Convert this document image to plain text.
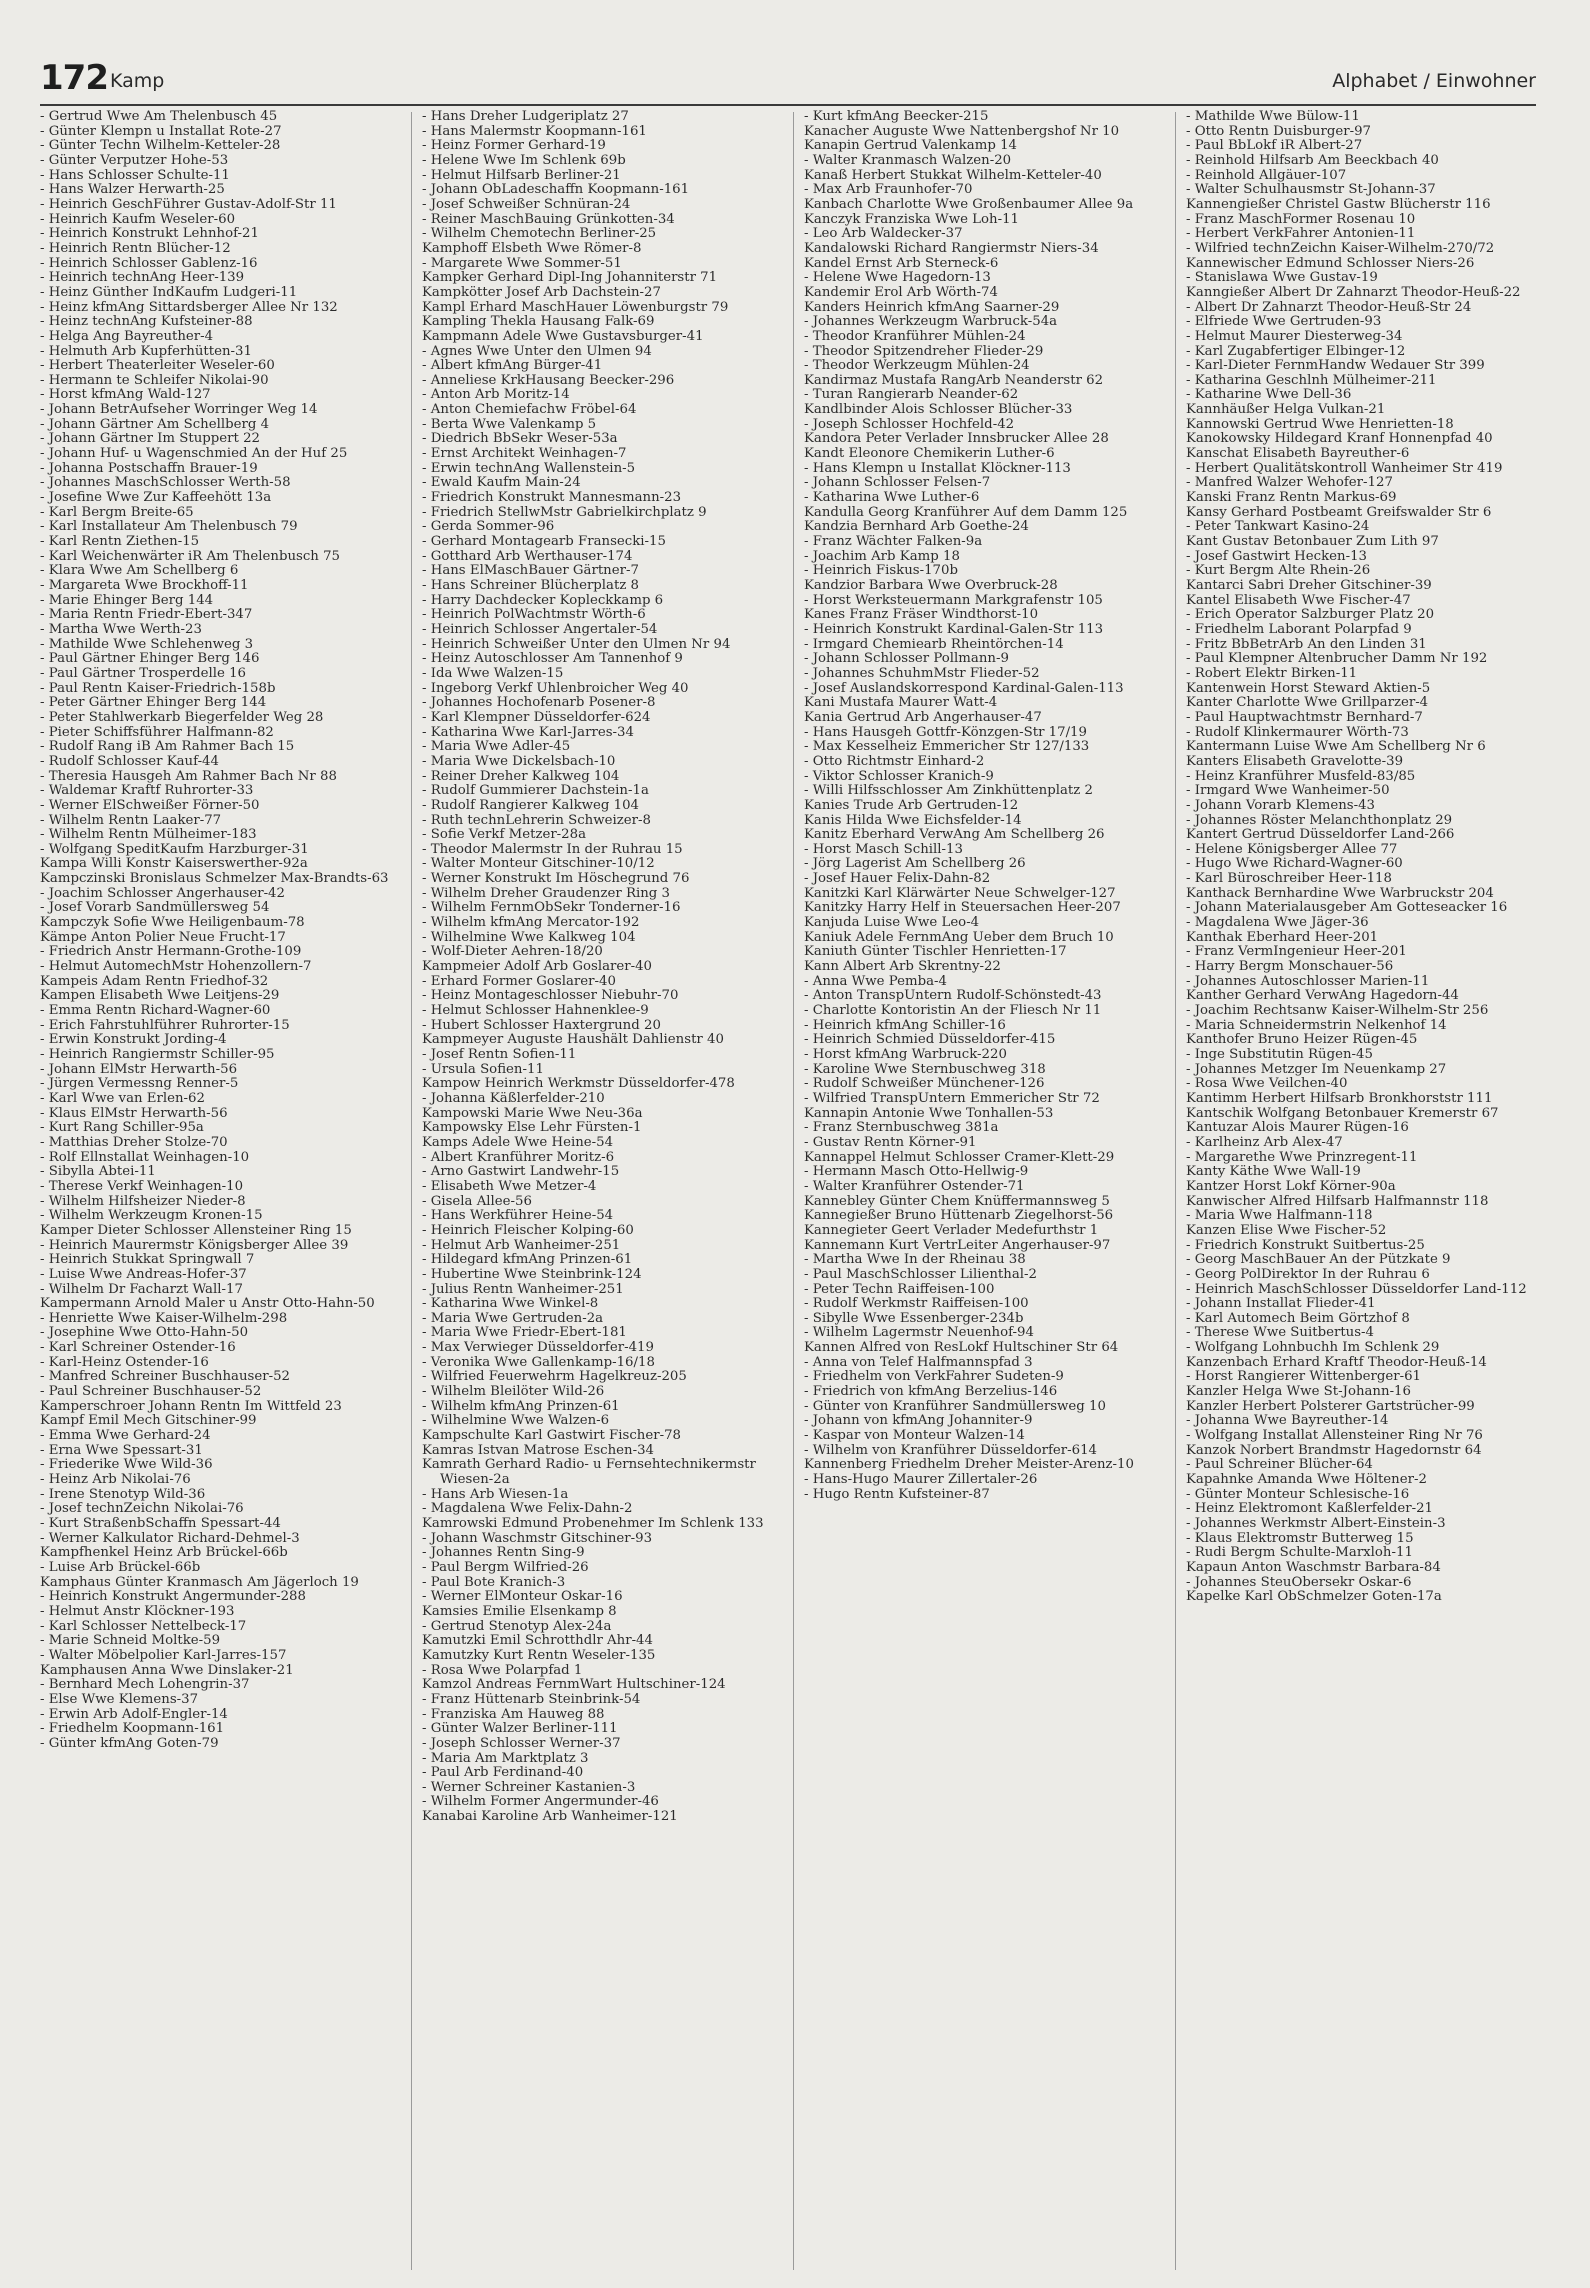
172 Kamp	Alphabet / Einwohner

- Gertrud Wwe Am Thelenbusch 45

- Günter Klempn u Installat Rote-27

- Günter Techn Wilhelm-Ketteler-28

- Günter Verputzer Hohe-53

- Hans Schlosser Schulte-11

- Hans Walzer Herwarth-25

- Heinrich GeschFührer Gustav-Adolf-Str 11

- Heinrich Kaufm Weseler-60

- Heinrich Konstrukt Lehnhof-21

- Heinrich Rentn Blücher-12

- Heinrich Schlosser Gablenz-16

- Heinrich technAng Heer-139

- Heinz Günther IndKaufm Ludgeri-11

- Heinz kfmAng Sittardsberger Allee Nr 132

- Heinz technAng Kufsteiner-88

- Helga Ang Bayreuther-4

- Helmuth Arb Kupferhütten-31

- Herbert Theaterleiter Weseler-60

- Hermann te Schleifer Nikolai-90

- Horst kfmAng Wald-127

- Johann BetrAufseher Worringer Weg 14

- Johann Gärtner Am Schellberg 4

- Johann Gärtner Im Stuppert 22

- Johann Huf- u Wagenschmied An der Huf 25

- Johanna Postschaffn Brauer-19

- Johannes MaschSchlosser Werth-58

- Josefine Wwe Zur Kaffeehött 13a

- Karl Bergm Breite-65

- Karl Installateur Am Thelenbusch 79

- Karl Rentn Ziethen-15

- Karl Weichenwärter iR Am Thelenbusch 75

- Klara Wwe Am Schellberg 6

- Margareta Wwe Brockhoff-11

- Marie Ehinger Berg 144

- Maria Rentn Friedr-Ebert-347

- Martha Wwe Werth-23

- Mathilde Wwe Schlehenweg 3

- Paul Gärtner Ehinger Berg 146

- Paul Gärtner Trosperdelle 16

- Paul Rentn Kaiser-Friedrich-158b

- Peter Gärtner Ehinger Berg 144

- Peter Stahlwerkarb Biegerfelder Weg 28

- Pieter Schiffsführer Halfmann-82

- Rudolf Rang iB Am Rahmer Bach 15

- Rudolf Schlosser Kauf-44

- Theresia Hausgeh Am Rahmer Bach Nr 88

- Waldemar Kraftf Ruhrorter-33

- Werner ElSchweißer Förner-50

- Wilhelm Rentn Laaker-77

- Wilhelm Rentn Mülheimer-183

- Wolfgang SpeditKaufm Harzburger-31

Kampa Willi Konstr Kaiserswerther-92a

Kampczinski Bronislaus Schmelzer Max-Brandts-63

- Joachim Schlosser Angerhauser-42

- Josef Vorarb Sandmüllersweg 54

Kampczyk Sofie Wwe Heiligenbaum-78

Kämpe Anton Polier Neue Frucht-17

- Friedrich Anstr Hermann-Grothe-109

- Helmut AutomechMstr Hohenzollern-7

Kampeis Adam Rentn Friedhof-32

Kampen Elisabeth Wwe Leitjens-29

- Emma Rentn Richard-Wagner-60

- Erich Fahrstuhlführer Ruhrorter-15

- Erwin Konstrukt Jording-4

- Heinrich Rangiermstr Schiller-95

- Johann ElMstr Herwarth-56

- Jürgen Vermessng Renner-5

- Karl Wwe van Erlen-62

- Klaus ElMstr Herwarth-56

- Kurt Rang Schiller-95a

- Matthias Dreher Stolze-70

- Rolf Ellnstallat Weinhagen-10

- Sibylla Abtei-11

- Therese Verkf Weinhagen-10

- Wilhelm Hilfsheizer Nieder-8

- Wilhelm Werkzeugm Kronen-15

Kamper Dieter Schlosser Allensteiner Ring 15

- Heinrich Maurermstr Königsberger Allee 39

- Heinrich Stukkat Springwall 7

- Luise Wwe Andreas-Hofer-37

- Wilhelm Dr Facharzt Wall-17

Kampermann Arnold Maler u Anstr Otto-Hahn-50

- Henriette Wwe Kaiser-Wilhelm-298

- Josephine Wwe Otto-Hahn-50

- Karl Schreiner Ostender-16

- Karl-Heinz Ostender-16

- Manfred Schreiner Buschhauser-52

- Paul Schreiner Buschhauser-52

Kamperschroer Johann Rentn Im Wittfeld 23

Kampf Emil Mech Gitschiner-99

- Emma Wwe Gerhard-24

- Erna Wwe Spessart-31

- Friederike Wwe Wild-36

- Heinz Arb Nikolai-76

- Irene Stenotyp Wild-36

- Josef technZeichn Nikolai-76

- Kurt StraßenbSchaffn Spessart-44

- Werner Kalkulator Richard-Dehmel-3

Kampfhenkel Heinz Arb Brückel-66b

- Luise Arb Brückel-66b

Kamphaus Günter Kranmasch Am Jägerloch 19

- Heinrich Konstrukt Angermunder-288

- Helmut Anstr Klöckner-193

- Karl Schlosser Nettelbeck-17

- Marie Schneid Moltke-59

- Walter Möbelpolier Karl-Jarres-157

Kamphausen Anna Wwe Dinslaker-21

- Bernhard Mech Lohengrin-37

- Else Wwe Klemens-37

- Erwin Arb Adolf-Engler-14

- Friedhelm Koopmann-161

- Günter kfmAng Goten-79

- Hans Dreher Ludgeriplatz 27

- Hans Malermstr Koopmann-161

- Heinz Former Gerhard-19

- Helene Wwe Im Schlenk 69b

- Helmut Hilfsarb Berliner-21

- Johann ObLadeschaffn Koopmann-161

- Josef Schweißer Schnüran-24

- Reiner MaschBauing Grünkotten-34

- Wilhelm Chemotechn Berliner-25

Kamphoff Elsbeth Wwe Römer-8

- Margarete Wwe Sommer-51

Kampker Gerhard Dipl-Ing Johanniterstr 71

Kampkötter Josef Arb Dachstein-27

Kampl Erhard MaschHauer Löwenburgstr 79

Kampling Thekla Hausang Falk-69

Kampmann Adele Wwe Gustavsburger-41

- Agnes Wwe Unter den Ulmen 94

- Albert kfmAng Bürger-41

- Anneliese KrkHausang Beecker-296

- Anton Arb Moritz-14

- Anton Chemiefachw Fröbel-64

- Berta Wwe Valenkamp 5

- Diedrich BbSekr Weser-53a

- Ernst Architekt Weinhagen-7

- Erwin technAng Wallenstein-5

- Ewald Kaufm Main-24

- Friedrich Konstrukt Mannesmann-23

- Friedrich StellwMstr Gabrielkirchplatz 9

- Gerda Sommer-96

- Gerhard Montagearb Fransecki-15

- Gotthard Arb Werthauser-174

- Hans ElMaschBauer Gärtner-7

- Hans Schreiner Blücherplatz 8

- Harry Dachdecker Kopleckkamp 6

- Heinrich PolWachtmstr Wörth-6

- Heinrich Schlosser Angertaler-54

- Heinrich Schweißer Unter den Ulmen Nr 94

- Heinz Autoschlosser Am Tannenhof 9

- Ida Wwe Walzen-15

- Ingeborg Verkf Uhlenbroicher Weg 40

- Johannes Hochofenarb Posener-8

- Karl Klempner Düsseldorfer-624

- Katharina Wwe Karl-Jarres-34

- Maria Wwe Adler-45

- Maria Wwe Dickelsbach-10

- Reiner Dreher Kalkweg 104

- Rudolf Gummierer Dachstein-1a

- Rudolf Rangierer Kalkweg 104

- Ruth technLehrerin Schweizer-8

- Sofie Verkf Metzer-28a

- Theodor Malermstr In der Ruhrau 15

- Walter Monteur Gitschiner-10/12

- Werner Konstrukt Im Höschegrund 76

- Wilhelm Dreher Graudenzer Ring 3

- Wilhelm FernmObSekr Tonderner-16

- Wilhelm kfmAng Mercator-192

- Wilhelmine Wwe Kalkweg 104

- Wolf-Dieter Aehren-18/20

Kampmeier Adolf Arb Goslarer-40

- Erhard Former Goslarer-40

- Heinz Montageschlosser Niebuhr-70

- Helmut Schlosser Hahnenklee-9

- Hubert Schlosser Haxtergrund 20

Kampmeyer Auguste Haushält Dahlienstr 40

- Josef Rentn Sofien-11

- Ursula Sofien-11

Kampow Heinrich Werkmstr Düsseldorfer-478

- Johanna Käßlerfelder-210

Kampowski Marie Wwe Neu-36a

Kampowsky Else Lehr Fürsten-1

Kamps Adele Wwe Heine-54

- Albert Kranführer Moritz-6

- Arno Gastwirt Landwehr-15

- Elisabeth Wwe Metzer-4

- Gisela Allee-56

- Hans Werkführer Heine-54

- Heinrich Fleischer Kolping-60

- Helmut Arb Wanheimer-251

- Hildegard kfmAng Prinzen-61

- Hubertine Wwe Steinbrink-124

- Julius Rentn Wanheimer-251

- Katharina Wwe Winkel-8

- Maria Wwe Gertruden-2a

- Maria Wwe Friedr-Ebert-181

- Max Verwieger Düsseldorfer-419

- Veronika Wwe Gallenkamp-16/18

- Wilfried Feuerwehrm Hagelkreuz-205

- Wilhelm Bleilöter Wild-26

- Wilhelm kfmAng Prinzen-61

- Wilhelmine Wwe Walzen-6

Kampschulte Karl Gastwirt Fischer-78

Kamras Istvan Matrose Eschen-34

Kamrath Gerhard Radio- u Fernsehtechnikermstr Wiesen-2a

- Hans Arb Wiesen-1a

- Magdalena Wwe Felix-Dahn-2

Kamrowski Edmund Probenehmer Im Schlenk 133

- Johann Waschmstr Gitschiner-93

- Johannes Rentn Sing-9

- Paul Bergm Wilfried-26

- Paul Bote Kranich-3

- Werner ElMonteur Oskar-16

Kamsies Emilie Elsenkamp 8

- Gertrud Stenotyp Alex-24a

Kamutzki Emil Schrotthdlr Ahr-44

Kamutzky Kurt Rentn Weseler-135

- Rosa Wwe Polarpfad 1

Kamzol Andreas FernmWart Hultschiner-124

- Franz Hüttenarb Steinbrink-54

- Franziska Am Hauweg 88

- Günter Walzer Berliner-111

- Joseph Schlosser Werner-37

- Maria Am Marktplatz 3

- Paul Arb Ferdinand-40

- Werner Schreiner Kastanien-3

- Wilhelm Former Angermunder-46

Kanabai Karoline Arb Wanheimer-121

- Kurt kfmAng Beecker-215

Kanacher Auguste Wwe Nattenbergshof Nr 10

Kanapin Gertrud Valenkamp 14

- Walter Kranmasch Walzen-20

Kanaß Herbert Stukkat Wilhelm-Ketteler-40

- Max Arb Fraunhofer-70

Kanbach Charlotte Wwe Großenbaumer Allee 9a

Kanczyk Franziska Wwe Loh-11

- Leo Arb Waldecker-37

Kandalowski Richard Rangiermstr Niers-34

Kandel Ernst Arb Sterneck-6

- Helene Wwe Hagedorn-13

Kandemir Erol Arb Wörth-74

Kanders Heinrich kfmAng Saarner-29

- Johannes Werkzeugm Warbruck-54a

- Theodor Kranführer Mühlen-24

- Theodor Spitzendreher Flieder-29

- Theodor Werkzeugm Mühlen-24

Kandirmaz Mustafa RangArb Neanderstr 62

- Turan Rangierarb Neander-62

Kandlbinder Alois Schlosser Blücher-33

- Joseph Schlosser Hochfeld-42

Kandora Peter Verlader Innsbrucker Allee 28

Kandt Eleonore Chemikerin Luther-6

- Hans Klempn u Installat Klöckner-113

- Johann Schlosser Felsen-7

- Katharina Wwe Luther-6

Kandulla Georg Kranführer Auf dem Damm 125

Kandzia Bernhard Arb Goethe-24

- Franz Wächter Falken-9a

- Joachim Arb Kamp 18

- Heinrich Fiskus-170b

Kandzior Barbara Wwe Overbruck-28

- Horst Werksteuermann Markgrafenstr 105

Kanes Franz Fräser Windthorst-10

- Heinrich Konstrukt Kardinal-Galen-Str 113

- Irmgard Chemiearb Rheintörchen-14

- Johann Schlosser Pollmann-9

- Johannes SchuhmMstr Flieder-52

- Josef Auslandskorrespond Kardinal-Galen-113

Kani Mustafa Maurer Watt-4

Kania Gertrud Arb Angerhauser-47

- Hans Hausgeh Gottfr-Könzgen-Str 17/19

- Max Kesselheiz Emmericher Str 127/133

- Otto Richtmstr Einhard-2

- Viktor Schlosser Kranich-9

- Willi Hilfsschlosser Am Zinkhüttenplatz 2

Kanies Trude Arb Gertruden-12

Kanis Hilda Wwe Eichsfelder-14

Kanitz Eberhard VerwAng Am Schellberg 26

- Horst Masch Schill-13

- Jörg Lagerist Am Schellberg 26

- Josef Hauer Felix-Dahn-82

Kanitzki Karl Klärwärter Neue Schwelger-127

Kanitzky Harry Helf in Steuersachen Heer-207

Kanjuda Luise Wwe Leo-4

Kaniuk Adele FernmAng Ueber dem Bruch 10

Kaniuth Günter Tischler Henrietten-17

Kann Albert Arb Skrentny-22

- Anna Wwe Pemba-4

- Anton TranspUntern Rudolf-Schönstedt-43

- Charlotte Kontoristin An der Fliesch Nr 11

- Heinrich kfmAng Schiller-16

- Heinrich Schmied Düsseldorfer-415

- Horst kfmAng Warbruck-220

- Karoline Wwe Sternbuschweg 318

- Rudolf Schweißer Münchener-126

- Wilfried TranspUntern Emmericher Str 72

Kannapin Antonie Wwe Tonhallen-53

- Franz Sternbuschweg 381a

- Gustav Rentn Körner-91

Kannappel Helmut Schlosser Cramer-Klett-29

- Hermann Masch Otto-Hellwig-9

- Walter Kranführer Ostender-71

Kannebley Günter Chem Knüffermannsweg 5

Kannegießer Bruno Hüttenarb Ziegelhorst-56

Kannegieter Geert Verlader Medefurthstr 1

Kannemann Kurt VertrLeiter Angerhauser-97

- Martha Wwe In der Rheinau 38

- Paul MaschSchlosser Lilienthal-2

- Peter Techn Raiffeisen-100

- Rudolf Werkmstr Raiffeisen-100

- Sibylle Wwe Essenberger-234b

- Wilhelm Lagermstr Neuenhof-94

Kannen Alfred von ResLokf Hultschiner Str 64

- Anna von Telef Halfmannspfad 3

- Friedhelm von VerkFahrer Sudeten-9

- Friedrich von kfmAng Berzelius-146

- Günter von Kranführer Sandmüllersweg 10

- Johann von kfmAng Johanniter-9

- Kaspar von Monteur Walzen-14

- Wilhelm von Kranführer Düsseldorfer-614

Kannenberg Friedhelm Dreher Meister-Arenz-10

- Hans-Hugo Maurer Zillertaler-26

- Hugo Rentn Kufsteiner-87

- Mathilde Wwe Bülow-11

- Otto Rentn Duisburger-97

- Paul BbLokf iR Albert-27

- Reinhold Hilfsarb Am Beeckbach 40

- Reinhold Allgäuer-107

- Walter Schulhausmstr St-Johann-37

Kannengießer Christel Gastw Blücherstr 116

- Franz MaschFormer Rosenau 10

- Herbert VerkFahrer Antonien-11

- Wilfried technZeichn Kaiser-Wilhelm-270/72

Kannewischer Edmund Schlosser Niers-26

- Stanislawa Wwe Gustav-19

Kanngießer Albert Dr Zahnarzt Theodor-Heuß-22

- Albert Dr Zahnarzt Theodor-Heuß-Str 24

- Elfriede Wwe Gertruden-93

- Helmut Maurer Diesterweg-34

- Karl Zugabfertiger Elbinger-12

- Karl-Dieter FernmHandw Wedauer Str 399

- Katharina Geschlnh Mülheimer-211

- Katharine Wwe Dell-36

Kannhäußer Helga Vulkan-21

Kannowski Gertrud Wwe Henrietten-18

Kanokowsky Hildegard Kranf Honnenpfad 40

Kanschat Elisabeth Bayreuther-6

- Herbert Qualitätskontroll Wanheimer Str 419

- Manfred Walzer Wehofer-127

Kanski Franz Rentn Markus-69

Kansy Gerhard Postbeamt Greifswalder Str 6

- Peter Tankwart Kasino-24

Kant Gustav Betonbauer Zum Lith 97

- Josef Gastwirt Hecken-13

- Kurt Bergm Alte Rhein-26

Kantarci Sabri Dreher Gitschiner-39

Kantel Elisabeth Wwe Fischer-47

- Erich Operator Salzburger Platz 20

- Friedhelm Laborant Polarpfad 9

- Fritz BbBetrArb An den Linden 31

- Paul Klempner Altenbrucher Damm Nr 192

- Robert Elektr Birken-11

Kantenwein Horst Steward Aktien-5

Kanter Charlotte Wwe Grillparzer-4

- Paul Hauptwachtmstr Bernhard-7

- Rudolf Klinkermaurer Wörth-73

Kantermann Luise Wwe Am Schellberg Nr 6

Kanters Elisabeth Gravelotte-39

- Heinz Kranführer Musfeld-83/85

- Irmgard Wwe Wanheimer-50

- Johann Vorarb Klemens-43

- Johannes Röster Melanchthonplatz 29

Kantert Gertrud Düsseldorfer Land-266

- Helene Königsberger Allee 77

- Hugo Wwe Richard-Wagner-60

- Karl Büroschreiber Heer-118

Kanthack Bernhardine Wwe Warbruckstr 204

- Johann Materialausgeber Am Gotteseacker 16

- Magdalena Wwe Jäger-36

Kanthak Eberhard Heer-201

- Franz VermIngenieur Heer-201

- Harry Bergm Monschauer-56

- Johannes Autoschlosser Marien-11

Kanther Gerhard VerwAng Hagedorn-44

- Joachim Rechtsanw Kaiser-Wilhelm-Str 256

- Maria Schneidermstrin Nelkenhof 14

Kanthofer Bruno Heizer Rügen-45

- Inge Substitutin Rügen-45

- Johannes Metzger Im Neuenkamp 27

- Rosa Wwe Veilchen-40

Kantimm Herbert Hilfsarb Bronkhorststr 111

Kantschik Wolfgang Betonbauer Kremerstr 67

Kantuzar Alois Maurer Rügen-16

- Karlheinz Arb Alex-47

- Margarethe Wwe Prinzregent-11

Kanty Käthe Wwe Wall-19

Kantzer Horst Lokf Körner-90a

Kanwischer Alfred Hilfsarb Halfmannstr 118

- Maria Wwe Halfmann-118

Kanzen Elise Wwe Fischer-52

- Friedrich Konstrukt Suitbertus-25

- Georg MaschBauer An der Pützkate 9

- Georg PolDirektor In der Ruhrau 6

- Heinrich MaschSchlosser Düsseldorfer Land-112

- Johann Installat Flieder-41

- Karl Automech Beim Görtzhof 8

- Therese Wwe Suitbertus-4

- Wolfgang Lohnbuchh Im Schlenk 29

Kanzenbach Erhard Kraftf Theodor-Heuß-14

- Horst Rangierer Wittenberger-61

Kanzler Helga Wwe St-Johann-16

Kanzler Herbert Polsterer Gartstrücher-99

- Johanna Wwe Bayreuther-14

- Wolfgang Installat Allensteiner Ring Nr 76

Kanzok Norbert Brandmstr Hagedornstr 64

- Paul Schreiner Blücher-64

Kapahnke Amanda Wwe Höltener-2

- Günter Monteur Schlesische-16

- Heinz Elektromont Kaßlerfelder-21

- Johannes Werkmstr Albert-Einstein-3

- Klaus Elektromstr Butterweg 15

- Rudi Bergm Schulte-Marxloh-11

Kapaun Anton Waschmstr Barbara-84

- Johannes SteuObersekr Oskar-6

Kapelke Karl ObSchmelzer Goten-17a
